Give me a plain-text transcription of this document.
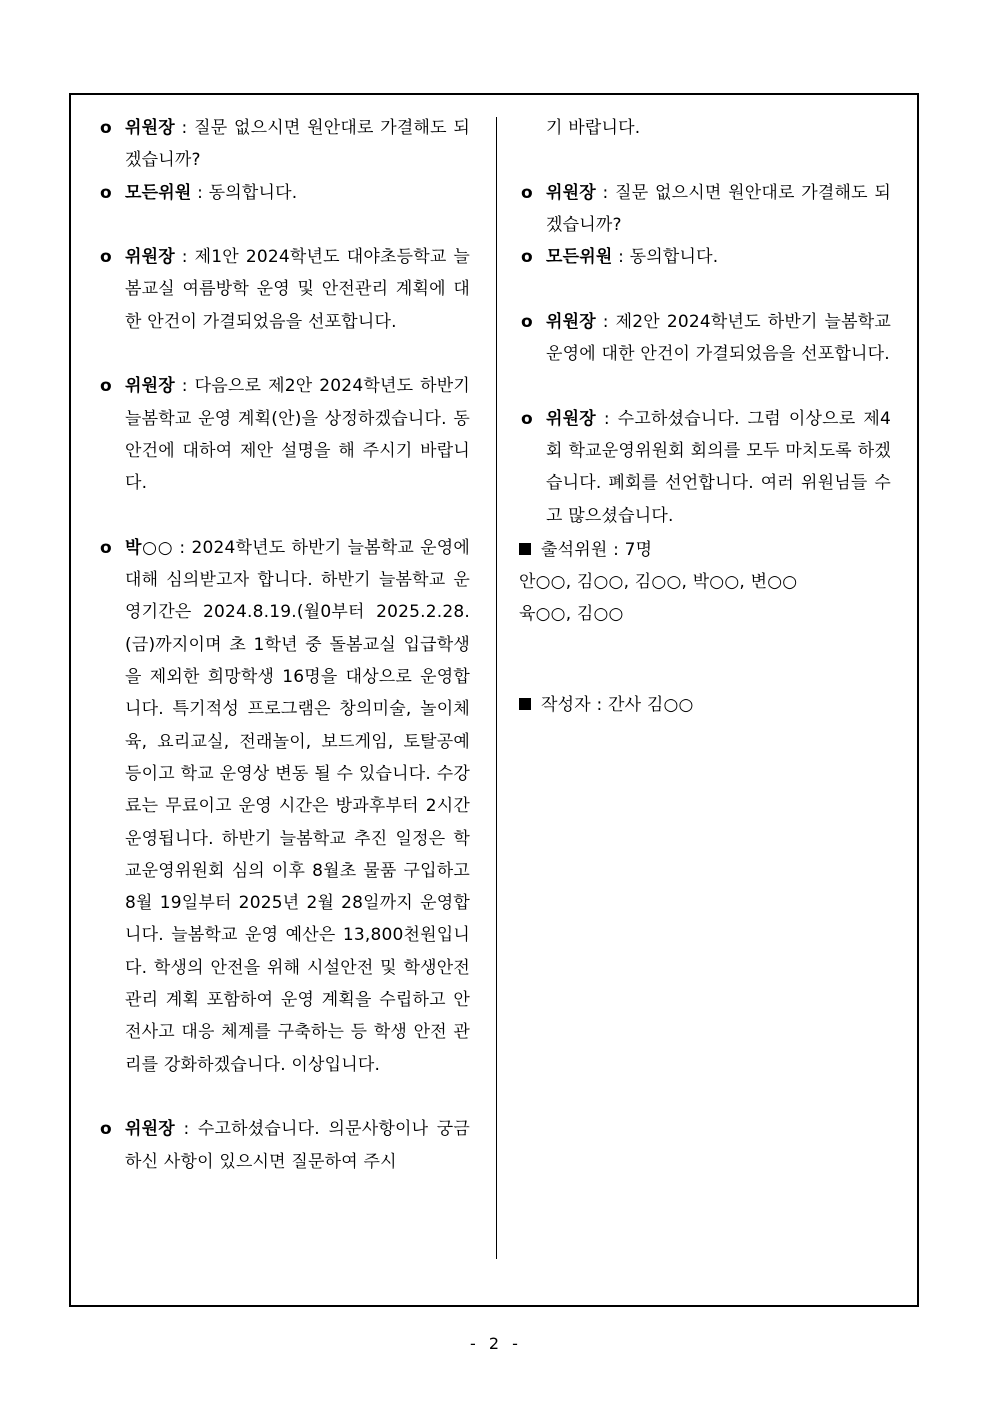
o 위원장 : 질문 없으시면 원안대로 가결해도 되겠습니까?
o 모든위원 : 동의합니다.
o 위원장 : 제1안 2024학년도 대야초등학교 늘봄교실 여름방학 운영 및 안전관리 계획에 대한 안건이 가결되었음을 선포합니다.
o 위원장 : 다음으로 제2안 2024학년도 하반기 늘봄학교 운영 계획(안)을 상정하겠습니다. 동 안건에 대하여 제안 설명을 해 주시기 바랍니다.
o 박○○ : 2024학년도 하반기 늘봄학교 운영에 대해 심의받고자 합니다. 하반기 늘봄학교 운영기간은 2024.8.19.(월0부터 2025.2.28.(금)까지이며 초 1학년 중 돌봄교실 입급학생을 제외한 희망학생 16명을 대상으로 운영합니다. 특기적성 프로그램은 창의미술, 놀이체육, 요리교실, 전래놀이, 보드게임, 토탈공예 등이고 학교 운영상 변동 될 수 있습니다. 수강료는 무료이고 운영 시간은 방과후부터 2시간 운영됩니다. 하반기 늘봄학교 추진 일정은 학교운영위원회 심의 이후 8월초 물품 구입하고 8월 19일부터 2025년 2월 28일까지 운영합니다. 늘봄학교 운영 예산은 13,800천원입니다. 학생의 안전을 위해 시설안전 및 학생안전 관리 계획 포함하여 운영 계획을 수립하고 안전사고 대응 체계를 구축하는 등 학생 안전 관리를 강화하겠습니다. 이상입니다.
o 위원장 : 수고하셨습니다. 의문사항이나 궁금하신 사항이 있으시면 질문하여 주시
기 바랍니다.
o 위원장 : 질문 없으시면 원안대로 가결해도 되겠습니까?
o 모든위원 : 동의합니다.
o 위원장 : 제2안 2024학년도 하반기 늘봄학교 운영에 대한 안건이 가결되었음을 선포합니다.
o 위원장 : 수고하셨습니다. 그럼 이상으로 제4회 학교운영위원회 회의를 모두 마치도록 하겠습니다. 폐회를 선언합니다. 여러 위원님들 수고 많으셨습니다.
출석위원 : 7명
안○○, 김○○, 김○○, 박○○, 변○○
육○○, 김○○
작성자 : 간사 김○○
- 2 -
